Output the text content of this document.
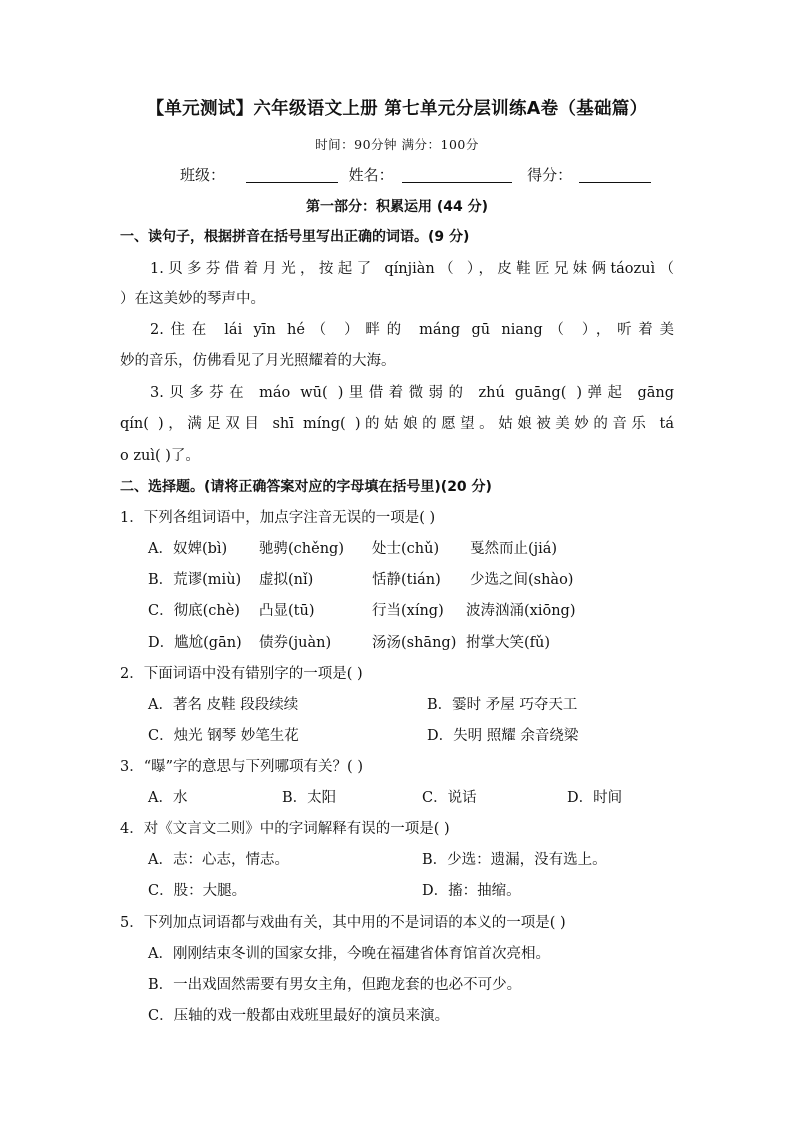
【单元测试】六年级语文上册 第七单元分层训练A卷（基础篇）
时间：90分钟 满分：100分
班级：	姓名：	得分：
第一部分：积累运用 (44 分)
一、读句子，根据拼音在括号里写出正确的词语。(9 分)
1.贝多芬借着月光，按起了 qínjiàn（ ），皮鞋匠兄妹俩táozuì（
）在这美妙的琴声中。
2.住在 lái yīn hé（ ）畔的 máng gū niang（ ），听着美
妙的音乐，仿佛看见了月光照耀着的大海。
3.贝多芬在 máo wū( )里借着微弱的 zhú guāng( )弹起 gāng
qín( )，满足双目 shī míng( )的姑娘的愿望。姑娘被美妙的音乐 tá
o zuì( )了。
二、选择题。(请将正确答案对应的字母填在括号里)(20 分)
1．下列各组词语中，加点字注音无误的一项是( )
A．奴婢(bì) 驰骋(chěng) 处士(chǔ) 戛然而止(jiá)
B．荒谬(miù) 虚拟(nǐ)	恬静(tián) 少选之间(shào)
C．彻底(chè) 凸显(tū)	行当(xíng) 波涛汹涌(xiōng)
D．尴尬(gān) 债券(juàn)	汤汤(shāng) 拊掌大笑(fǔ)
2．下面词语中没有错别字的一项是( )
A．著名 皮鞋 段段续续	B．霎时 矛屋 巧夺天工
C．烛光 钢琴 妙笔生花	D．失明 照耀 余音绕梁
3．“曝”字的意思与下列哪项有关？( )
A．水	B．太阳	C．说话	D．时间
4．对《文言文二则》中的字词解释有误的一项是( )
A．志：心志，情志。	B．少选：遗漏，没有选上。
C．股：大腿。	D．搐：抽缩。
5．下列加点词语都与戏曲有关，其中用的不是词语的本义的一项是( )
A．刚刚结束冬训的国家女排，今晚在福建省体育馆首次亮相。
B．一出戏固然需要有男女主角，但跑龙套的也必不可少。
C．压轴的戏一般都由戏班里最好的演员来演。
